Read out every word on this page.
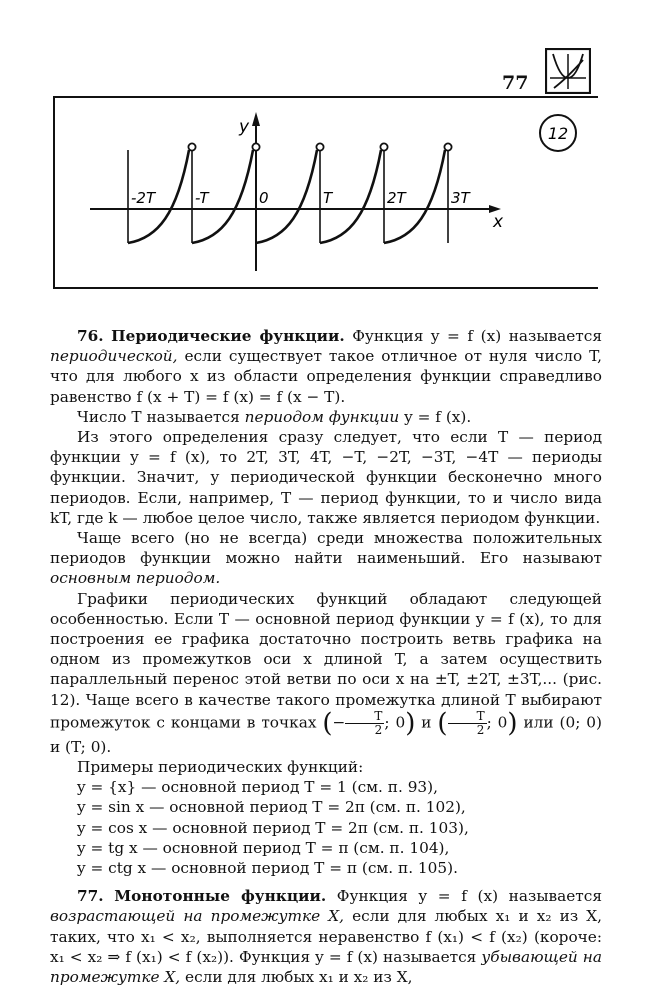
77
y
x
-2T	-T	0	T	2T	3T
12

76. Периодические функции. Функция y = f (x) называется периодической, если существует такое отличное от нуля число T, что для любого x из области определения функции справедливо равенство f (x + T) = f (x) = f (x − T).

Число T называется периодом функции y = f (x).

Из этого определения сразу следует, что если T — период функции y = f (x), то 2T, 3T, 4T, −T, −2T, −3T, −4T — периоды функции. Значит, у периодической функции бесконечно много периодов. Если, например, T — период функции, то и число вида kT, где k — любое целое число, также является периодом функции.

Чаще всего (но не всегда) среди множества положительных периодов функции можно найти наименьший. Его называют основным периодом.

Графики периодических функций обладают следующей особенностью. Если T — основной период функции y = f (x), то для построения ее графика достаточно построить ветвь графика на одном из промежутков оси x длиной T, а затем осуществить параллельный перенос этой ветви по оси x на ±T, ±2T, ±3T,... (рис. 12). Чаще всего в качестве такого промежутка длиной T выбирают промежуток с концами в точках (− $\frac{T}{2}$ ; 0) и ( $\frac{T}{2}$ ; 0) или (0; 0) и (T; 0).

Примеры периодических функций:

y = {x} — основной период T = 1 (см. п. 93),

y = sin x — основной период T = 2π (см. п. 102),

y = cos x — основной период T = 2π (см. п. 103),

y = tg x — основной период T = π (см. п. 104),

y = ctg x — основной период T = π (см. п. 105).

77. Монотонные функции. Функция y = f (x) называется возрастающей на промежутке X, если для любых x₁ и x₂ из X, таких, что x₁ < x₂, выполняется неравенство f (x₁) < f (x₂) (короче: x₁ < x₂ ⇒ f (x₁) < f (x₂)). Функция y = f (x) называется убывающей на промежутке X, если для любых x₁ и x₂ из X,
